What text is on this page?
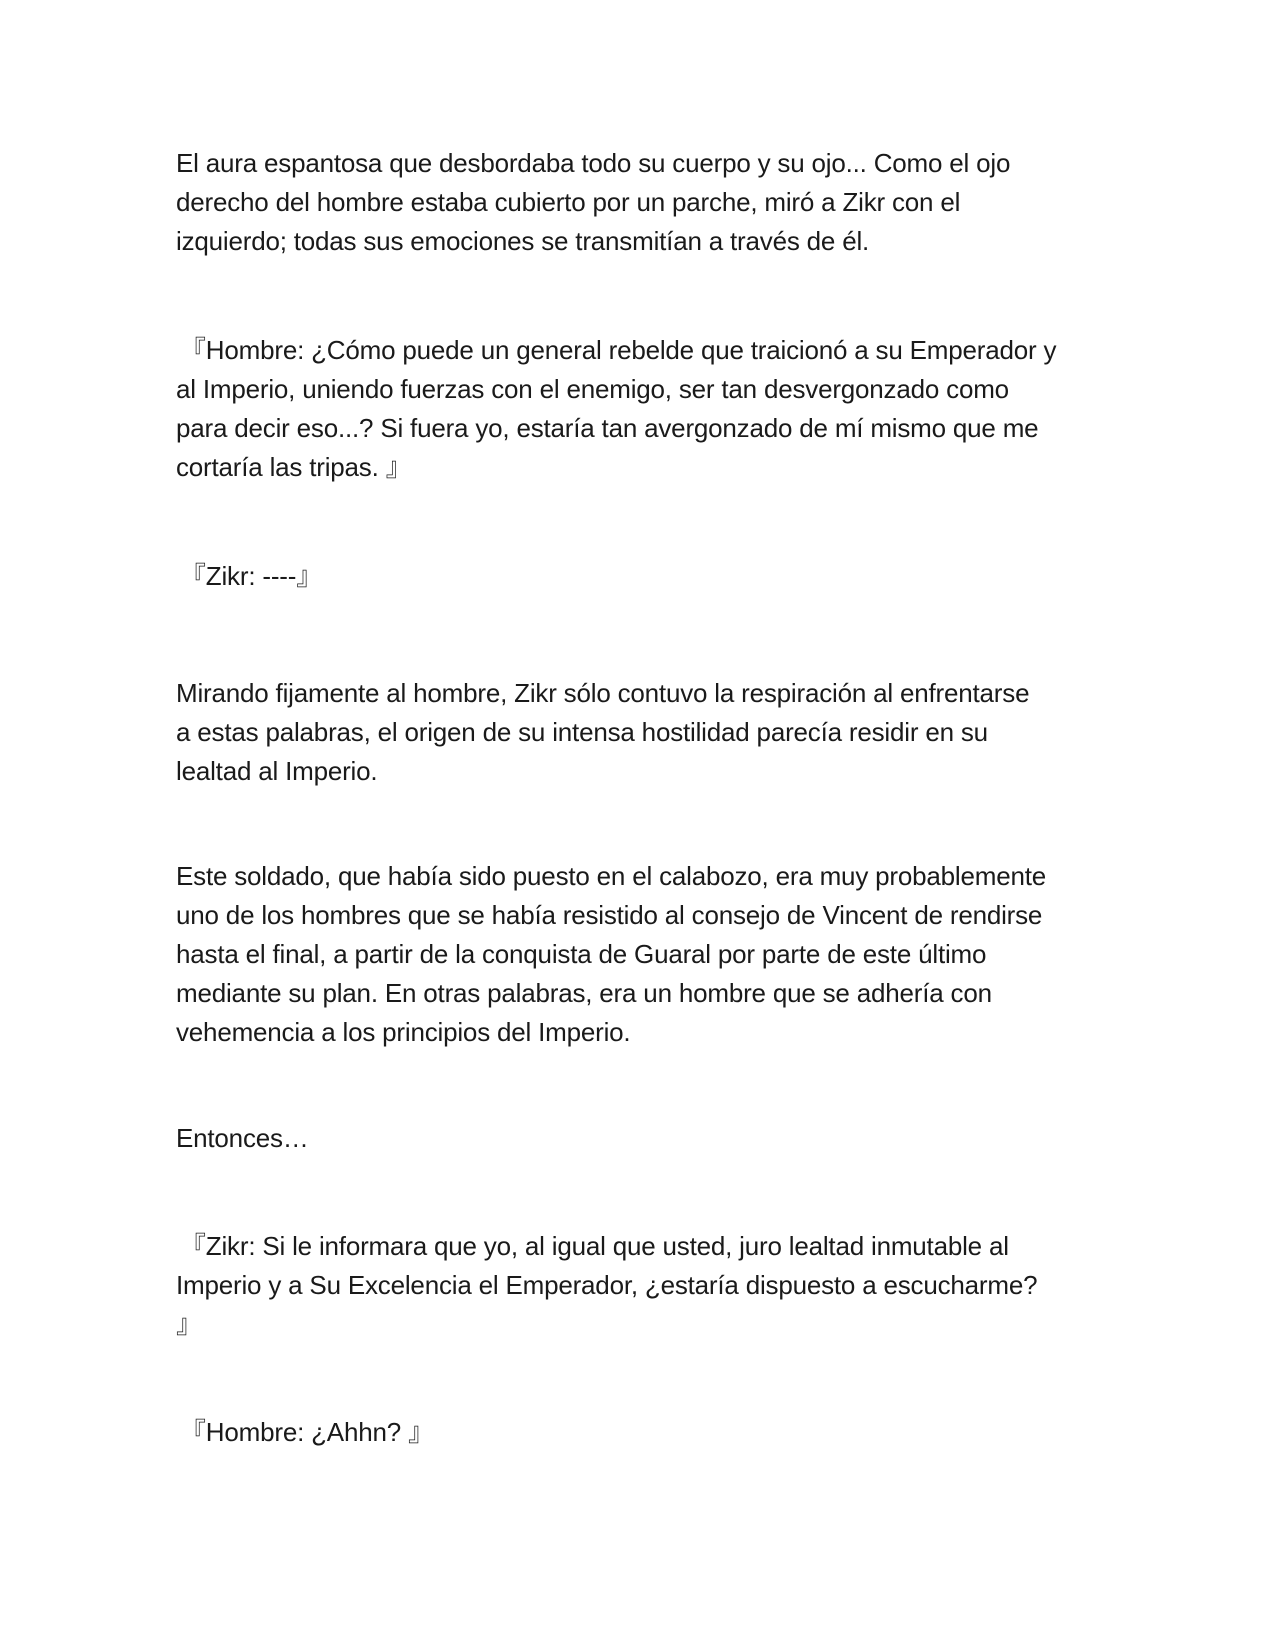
El aura espantosa que desbordaba todo su cuerpo y su ojo... Como el ojo
derecho del hombre estaba cubierto por un parche, miró a Zikr con el
izquierdo; todas sus emociones se transmitían a través de él.

『Hombre: ¿Cómo puede un general rebelde que traicionó a su Emperador y
al Imperio, uniendo fuerzas con el enemigo, ser tan desvergonzado como
para decir eso...? Si fuera yo, estaría tan avergonzado de mí mismo que me
cortaría las tripas. 』

『Zikr: ----』

Mirando fijamente al hombre, Zikr sólo contuvo la respiración al enfrentarse
a estas palabras, el origen de su intensa hostilidad parecía residir en su
lealtad al Imperio.

Este soldado, que había sido puesto en el calabozo, era muy probablemente
uno de los hombres que se había resistido al consejo de Vincent de rendirse
hasta el final, a partir de la conquista de Guaral por parte de este último
mediante su plan. En otras palabras, era un hombre que se adhería con
vehemencia a los principios del Imperio.

Entonces…

『Zikr: Si le informara que yo, al igual que usted, juro lealtad inmutable al
Imperio y a Su Excelencia el Emperador, ¿estaría dispuesto a escucharme?
』

『Hombre: ¿Ahhn? 』
